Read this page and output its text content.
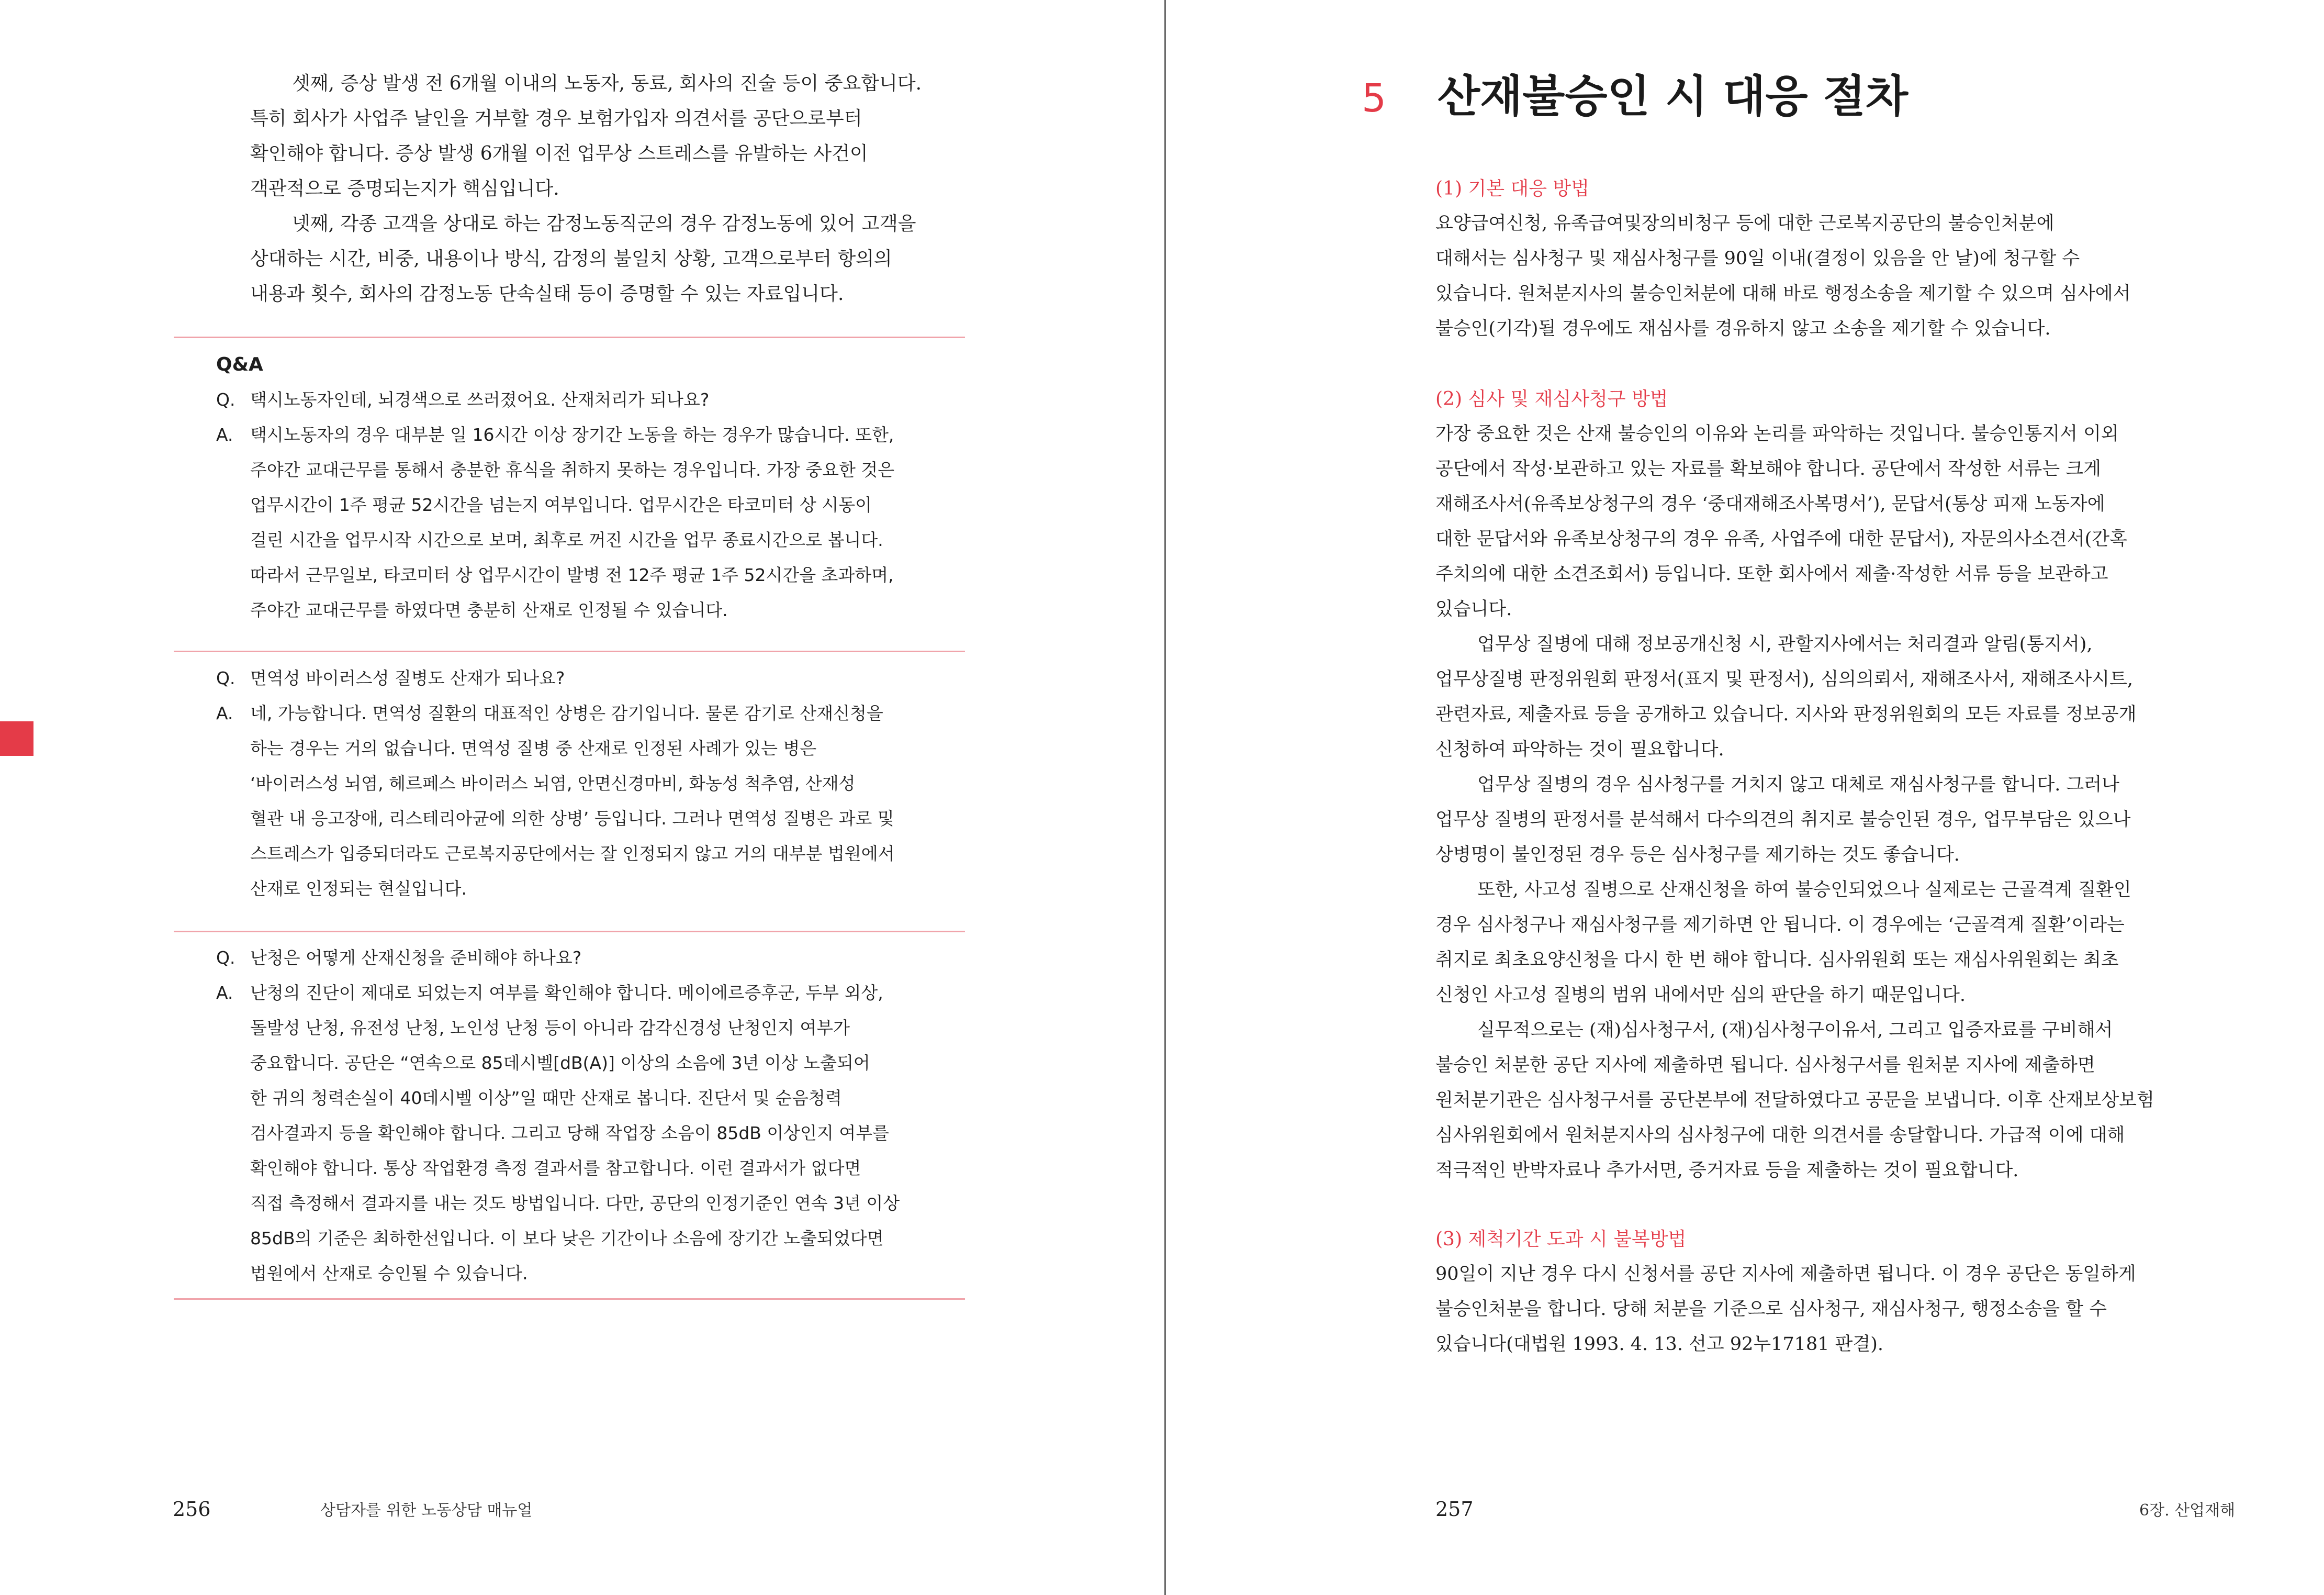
셋째, 증상 발생 전 6개월 이내의 노동자, 동료, 회사의 진술 등이 중요합니다.
특히 회사가 사업주 날인을 거부할 경우 보험가입자 의견서를 공단으로부터
확인해야 합니다. 증상 발생 6개월 이전 업무상 스트레스를 유발하는 사건이
객관적으로 증명되는지가 핵심입니다.
넷째, 각종 고객을 상대로 하는 감정노동직군의 경우 감정노동에 있어 고객을
상대하는 시간, 비중, 내용이나 방식, 감정의 불일치 상황, 고객으로부터 항의의
내용과 횟수, 회사의 감정노동 단속실태 등이 증명할 수 있는 자료입니다.
Q&A
Q. 택시노동자인데, 뇌경색으로 쓰러졌어요. 산재처리가 되나요?
A. 택시노동자의 경우 대부분 일 16시간 이상 장기간 노동을 하는 경우가 많습니다. 또한,
주야간 교대근무를 통해서 충분한 휴식을 취하지 못하는 경우입니다. 가장 중요한 것은
업무시간이 1주 평균 52시간을 넘는지 여부입니다. 업무시간은 타코미터 상 시동이
걸린 시간을 업무시작 시간으로 보며, 최후로 꺼진 시간을 업무 종료시간으로 봅니다.
따라서 근무일보, 타코미터 상 업무시간이 발병 전 12주 평균 1주 52시간을 초과하며,
주야간 교대근무를 하였다면 충분히 산재로 인정될 수 있습니다.
Q. 면역성 바이러스성 질병도 산재가 되나요?
A. 네, 가능합니다. 면역성 질환의 대표적인 상병은 감기입니다. 물론 감기로 산재신청을
하는 경우는 거의 없습니다. 면역성 질병 중 산재로 인정된 사례가 있는 병은
‘바이러스성 뇌염, 헤르페스 바이러스 뇌염, 안면신경마비, 화농성 척추염, 산재성
혈관 내 응고장애, 리스테리아균에 의한 상병’ 등입니다. 그러나 면역성 질병은 과로 및
스트레스가 입증되더라도 근로복지공단에서는 잘 인정되지 않고 거의 대부분 법원에서
산재로 인정되는 현실입니다.
Q. 난청은 어떻게 산재신청을 준비해야 하나요?
A. 난청의 진단이 제대로 되었는지 여부를 확인해야 합니다. 메이에르증후군, 두부 외상,
돌발성 난청, 유전성 난청, 노인성 난청 등이 아니라 감각신경성 난청인지 여부가
중요합니다. 공단은 “연속으로 85데시벨[dB(A)] 이상의 소음에 3년 이상 노출되어
한 귀의 청력손실이 40데시벨 이상”일 때만 산재로 봅니다. 진단서 및 순음청력
검사결과지 등을 확인해야 합니다. 그리고 당해 작업장 소음이 85dB 이상인지 여부를
확인해야 합니다. 통상 작업환경 측정 결과서를 참고합니다. 이런 결과서가 없다면
직접 측정해서 결과지를 내는 것도 방법입니다. 다만, 공단의 인정기준인 연속 3년 이상
85dB의 기준은 최하한선입니다. 이 보다 낮은 기간이나 소음에 장기간 노출되었다면
법원에서 산재로 승인될 수 있습니다.
256	상담자를 위한 노동상담 매뉴얼
5 산재불승인 시 대응 절차
(1) 기본 대응 방법
요양급여신청, 유족급여및장의비청구 등에 대한 근로복지공단의 불승인처분에
대해서는 심사청구 및 재심사청구를 90일 이내(결정이 있음을 안 날)에 청구할 수
있습니다. 원처분지사의 불승인처분에 대해 바로 행정소송을 제기할 수 있으며 심사에서
불승인(기각)될 경우에도 재심사를 경유하지 않고 소송을 제기할 수 있습니다.
(2) 심사 및 재심사청구 방법
가장 중요한 것은 산재 불승인의 이유와 논리를 파악하는 것입니다. 불승인통지서 이외
공단에서 작성·보관하고 있는 자료를 확보해야 합니다. 공단에서 작성한 서류는 크게
재해조사서(유족보상청구의 경우 ‘중대재해조사복명서’), 문답서(통상 피재 노동자에
대한 문답서와 유족보상청구의 경우 유족, 사업주에 대한 문답서), 자문의사소견서(간혹
주치의에 대한 소견조회서) 등입니다. 또한 회사에서 제출·작성한 서류 등을 보관하고
있습니다.
업무상 질병에 대해 정보공개신청 시, 관할지사에서는 처리결과 알림(통지서),
업무상질병 판정위원회 판정서(표지 및 판정서), 심의의뢰서, 재해조사서, 재해조사시트,
관련자료, 제출자료 등을 공개하고 있습니다. 지사와 판정위원회의 모든 자료를 정보공개
신청하여 파악하는 것이 필요합니다.
업무상 질병의 경우 심사청구를 거치지 않고 대체로 재심사청구를 합니다. 그러나
업무상 질병의 판정서를 분석해서 다수의견의 취지로 불승인된 경우, 업무부담은 있으나
상병명이 불인정된 경우 등은 심사청구를 제기하는 것도 좋습니다.
또한, 사고성 질병으로 산재신청을 하여 불승인되었으나 실제로는 근골격계 질환인
경우 심사청구나 재심사청구를 제기하면 안 됩니다. 이 경우에는 ‘근골격계 질환’이라는
취지로 최초요양신청을 다시 한 번 해야 합니다. 심사위원회 또는 재심사위원회는 최초
신청인 사고성 질병의 범위 내에서만 심의 판단을 하기 때문입니다.
실무적으로는 (재)심사청구서, (재)심사청구이유서, 그리고 입증자료를 구비해서
불승인 처분한 공단 지사에 제출하면 됩니다. 심사청구서를 원처분 지사에 제출하면
원처분기관은 심사청구서를 공단본부에 전달하였다고 공문을 보냅니다. 이후 산재보상보험
심사위원회에서 원처분지사의 심사청구에 대한 의견서를 송달합니다. 가급적 이에 대해
적극적인 반박자료나 추가서면, 증거자료 등을 제출하는 것이 필요합니다.
(3) 제척기간 도과 시 불복방법
90일이 지난 경우 다시 신청서를 공단 지사에 제출하면 됩니다. 이 경우 공단은 동일하게
불승인처분을 합니다. 당해 처분을 기준으로 심사청구, 재심사청구, 행정소송을 할 수
있습니다(대법원 1993. 4. 13. 선고 92누17181 판결).
257	6장. 산업재해
